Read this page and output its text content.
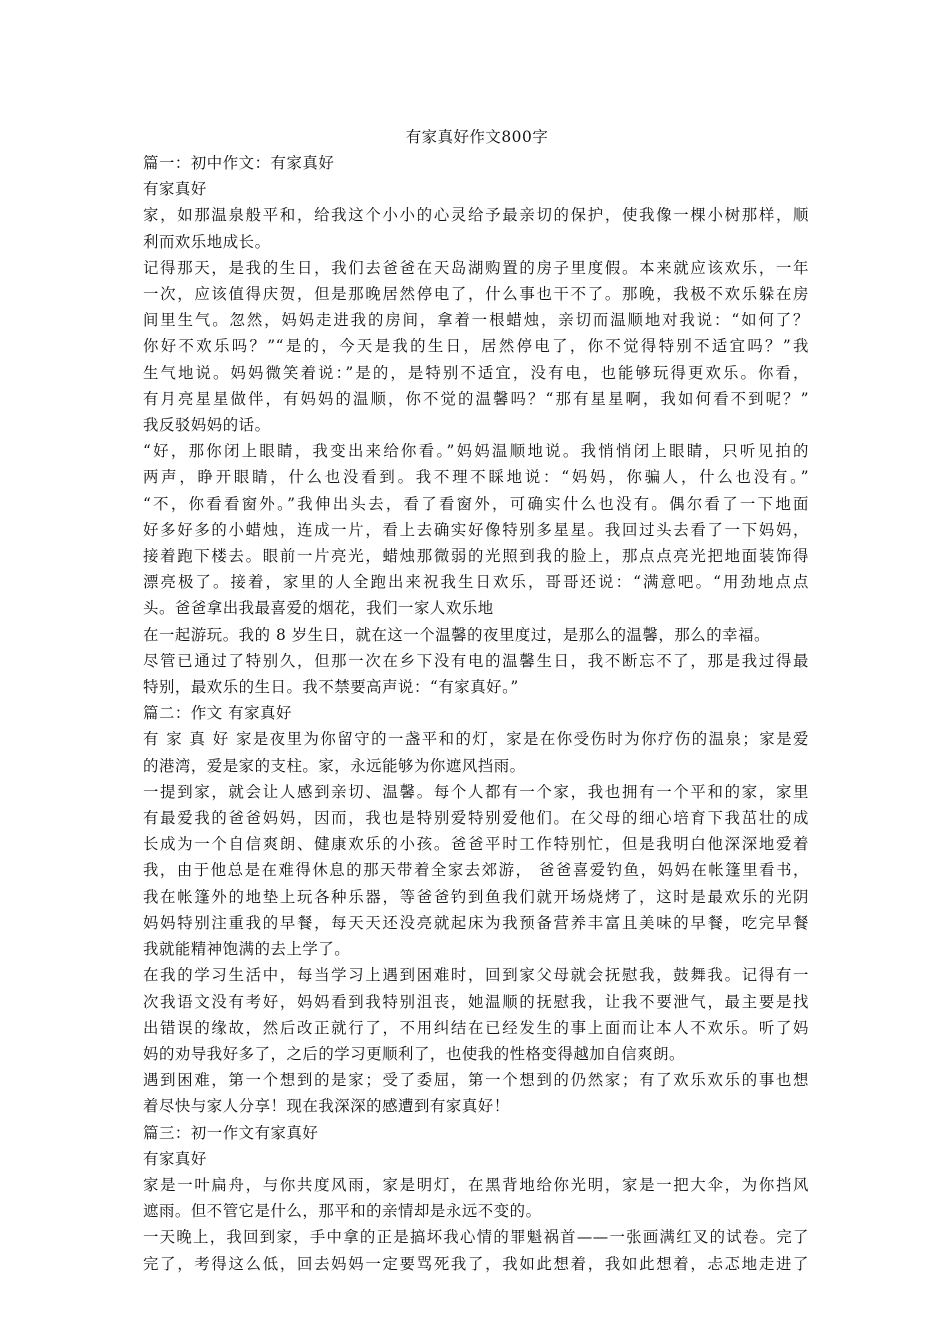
有家真好作文800字
篇一：初中作文：有家真好
有家真好
家，如那温泉般平和，给我这个小小的心灵给予最亲切的保护，使我像一棵小树那样，顺
利而欢乐地成长。
记得那天，是我的生日，我们去爸爸在天岛湖购置的房子里度假。本来就应该欢乐，一年
一次，应该值得庆贺，但是那晚居然停电了，什么事也干不了。那晚，我极不欢乐躲在房
间里生气。忽然，妈妈走进我的房间，拿着一根蜡烛，亲切而温顺地对我说：“如何了？
你好不欢乐吗？”“是的，今天是我的生日，居然停电了，你不觉得特别不适宜吗？”我
生气地说。妈妈微笑着说：”是的，是特别不适宜，没有电，也能够玩得更欢乐。你看，
有月亮星星做伴，有妈妈的温顺，你不觉的温馨吗？“那有星星啊，我如何看不到呢？”
我反驳妈妈的话。
“好，那你闭上眼睛，我变出来给你看。”妈妈温顺地说。我悄悄闭上眼睛，只听见拍的
两声，睁开眼睛，什么也没看到。我不理不睬地说：“妈妈，你骗人，什么也没有。”
“不，你看看窗外。”我伸出头去，看了看窗外，可确实什么也没有。偶尔看了一下地面
好多好多的小蜡烛，连成一片，看上去确实好像特别多星星。我回过头去看了一下妈妈，
接着跑下楼去。眼前一片亮光，蜡烛那微弱的光照到我的脸上，那点点亮光把地面装饰得
漂亮极了。接着，家里的人全跑出来祝我生日欢乐，哥哥还说：“满意吧。“用劲地点点
头。爸爸拿出我最喜爱的烟花，我们一家人欢乐地
在一起游玩。我的 8 岁生日，就在这一个温馨的夜里度过，是那么的温馨，那么的幸福。
尽管已通过了特别久，但那一次在乡下没有电的温馨生日，我不断忘不了，那是我过得最
特别，最欢乐的生日。我不禁要高声说：“有家真好。”
篇二：作文 有家真好
有 家 真 好 家是夜里为你留守的一盏平和的灯，家是在你受伤时为你疗伤的温泉；家是爱
的港湾，爱是家的支柱。家，永远能够为你遮风挡雨。
一提到家，就会让人感到亲切、温馨。每个人都有一个家，我也拥有一个平和的家，家里
有最爱我的爸爸妈妈，因而，我也是特别爱特别爱他们。在父母的细心培育下我茁壮的成
长成为一个自信爽朗、健康欢乐的小孩。爸爸平时工作特别忙，但是我明白他深深地爱着
我，由于他总是在难得休息的那天带着全家去郊游， 爸爸喜爱钓鱼，妈妈在帐篷里看书，
我在帐篷外的地垫上玩各种乐器，等爸爸钓到鱼我们就开场烧烤了，这时是最欢乐的光阴
妈妈特别注重我的早餐，每天天还没亮就起床为我预备营养丰富且美味的早餐，吃完早餐
我就能精神饱满的去上学了。
在我的学习生活中，每当学习上遇到困难时，回到家父母就会抚慰我，鼓舞我。记得有一
次我语文没有考好，妈妈看到我特别沮丧，她温顺的抚慰我，让我不要泄气，最主要是找
出错误的缘故，然后改正就行了，不用纠结在已经发生的事上面而让本人不欢乐。听了妈
妈的劝导我好多了，之后的学习更顺利了，也使我的性格变得越加自信爽朗。
遇到困难，第一个想到的是家；受了委屈，第一个想到的仍然家；有了欢乐欢乐的事也想
着尽快与家人分享！现在我深深的感遭到有家真好！
篇三：初一作文有家真好
有家真好
家是一叶扁舟，与你共度风雨，家是明灯，在黑背地给你光明，家是一把大伞，为你挡风
遮雨。但不管它是什么，那平和的亲情却是永远不变的。
一天晚上，我回到家，手中拿的正是搞坏我心情的罪魁祸首——一张画满红叉的试卷。完了
完了，考得这么低，回去妈妈一定要骂死我了，我如此想着，我如此想着，忐忑地走进了
